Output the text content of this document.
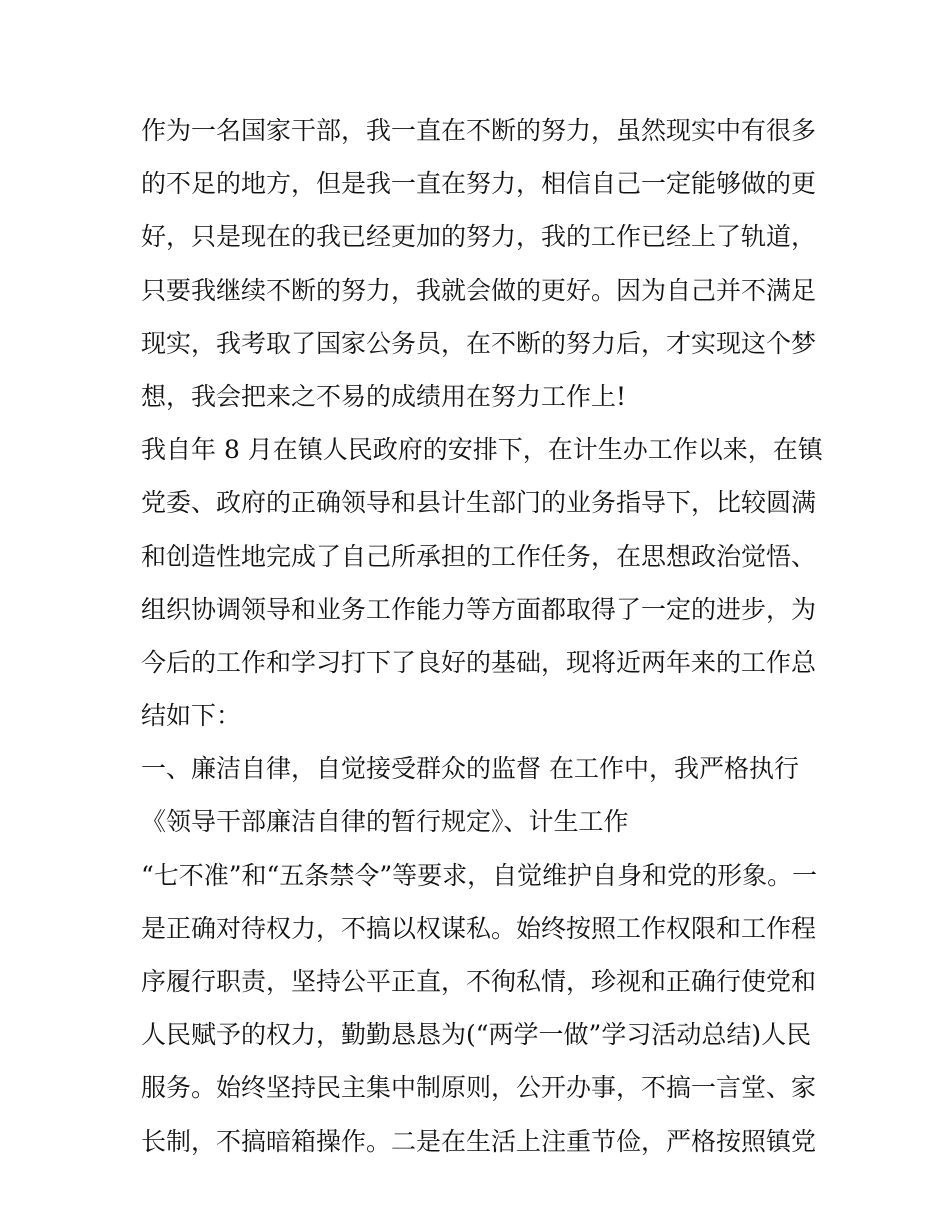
作为一名国家干部，我一直在不断的努力，虽然现实中有很多
的不足的地方，但是我一直在努力，相信自己一定能够做的更
好，只是现在的我已经更加的努力，我的工作已经上了轨道，
只要我继续不断的努力，我就会做的更好。因为自己并不满足
现实，我考取了国家公务员，在不断的努力后，才实现这个梦
想，我会把来之不易的成绩用在努力工作上!
我自年 8 月在镇人民政府的安排下，在计生办工作以来，在镇
党委、政府的正确领导和县计生部门的业务指导下，比较圆满
和创造性地完成了自己所承担的工作任务，在思想政治觉悟、
组织协调领导和业务工作能力等方面都取得了一定的进步，为
今后的工作和学习打下了良好的基础，现将近两年来的工作总
结如下：
一、廉洁自律，自觉接受群众的监督 在工作中，我严格执行
《领导干部廉洁自律的暂行规定》、计生工作
“七不准”和“五条禁令”等要求，自觉维护自身和党的形象。一
是正确对待权力，不搞以权谋私。始终按照工作权限和工作程
序履行职责，坚持公平正直，不徇私情，珍视和正确行使党和
人民赋予的权力，勤勤恳恳为(“两学一做”学习活动总结)人民
服务。始终坚持民主集中制原则，公开办事，不搞一言堂、家
长制，不搞暗箱操作。二是在生活上注重节俭，严格按照镇党
